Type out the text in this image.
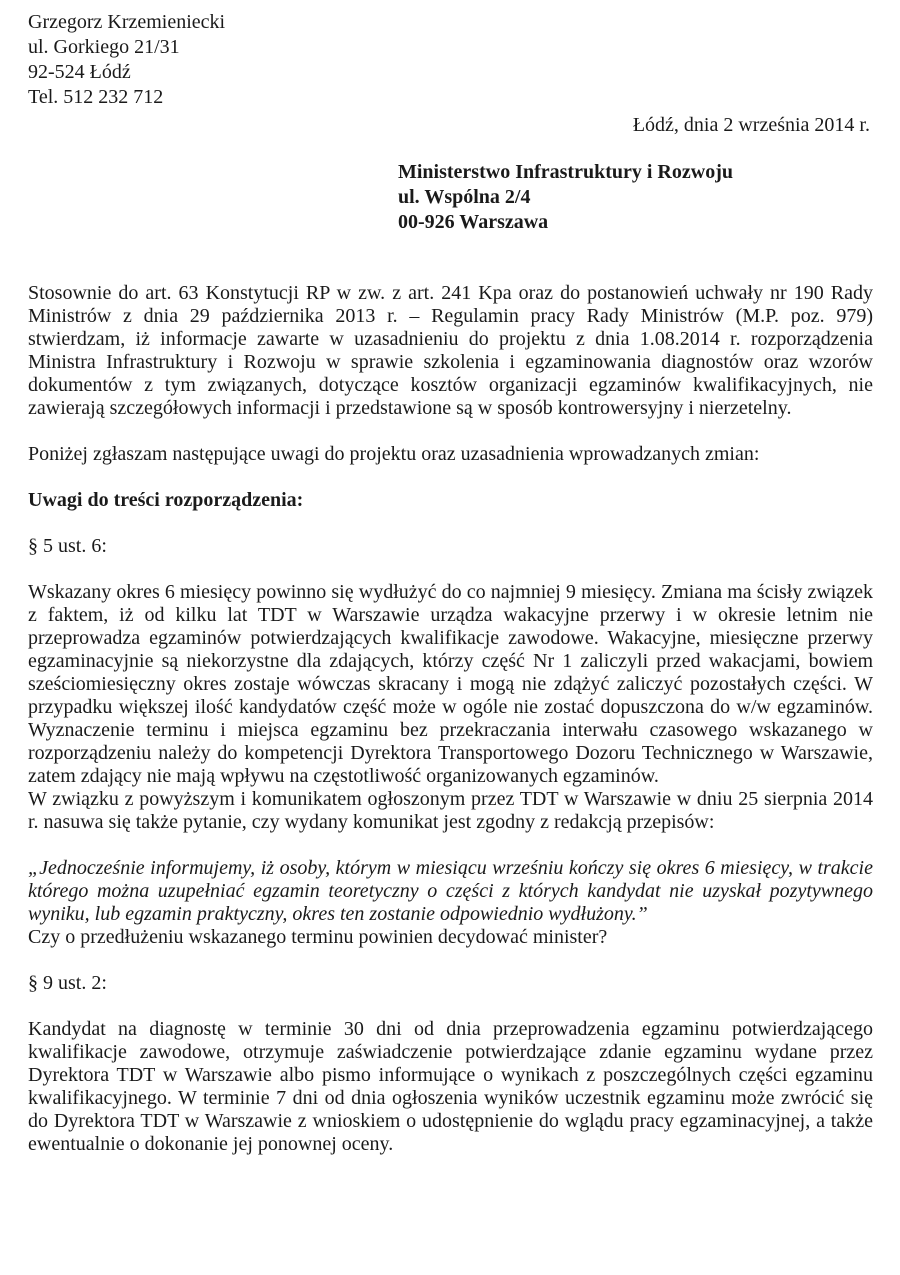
Grzegorz Krzemieniecki
ul. Gorkiego 21/31
92-524 Łódź
Tel. 512 232 712
Łódź, dnia 2 września 2014 r.
Ministerstwo Infrastruktury i Rozwoju
ul. Wspólna 2/4
00-926 Warszawa

Stosownie do art. 63 Konstytucji RP w zw. z art. 241 Kpa oraz do postanowień uchwały nr 190 Rady Ministrów z dnia 29 października 2013 r. – Regulamin pracy Rady Ministrów (M.P. poz. 979) stwierdzam, iż informacje zawarte w uzasadnieniu do projektu z dnia 1.08.2014 r. rozporządzenia Ministra Infrastruktury i Rozwoju w sprawie szkolenia i egzaminowania diagnostów oraz wzorów dokumentów z tym związanych, dotyczące kosztów organizacji egzaminów kwalifikacyjnych, nie zawierają szczegółowych informacji i przedstawione są w sposób kontrowersyjny i nierzetelny.

Poniżej zgłaszam następujące uwagi do projektu oraz uzasadnienia wprowadzanych zmian:

Uwagi do treści rozporządzenia:

§ 5 ust. 6:

Wskazany okres 6 miesięcy powinno się wydłużyć do co najmniej 9 miesięcy. Zmiana ma ścisły związek z faktem, iż od kilku lat TDT w Warszawie urządza wakacyjne przerwy i w okresie letnim nie przeprowadza egzaminów potwierdzających kwalifikacje zawodowe. Wakacyjne, miesięczne przerwy egzaminacyjnie są niekorzystne dla zdających, którzy część Nr 1 zaliczyli przed wakacjami, bowiem sześciomiesięczny okres zostaje wówczas skracany i mogą nie zdążyć zaliczyć pozostałych części. W przypadku większej ilość kandydatów część może w ogóle nie zostać dopuszczona do w/w egzaminów. Wyznaczenie terminu i miejsca egzaminu bez przekraczania interwału czasowego wskazanego w rozporządzeniu należy do kompetencji Dyrektora Transportowego Dozoru Technicznego w Warszawie, zatem zdający nie mają wpływu na częstotliwość organizowanych egzaminów.

W związku z powyższym i komunikatem ogłoszonym przez TDT w Warszawie w dniu 25 sierpnia 2014 r. nasuwa się także pytanie, czy wydany komunikat jest zgodny z redakcją przepisów:

„Jednocześnie informujemy, iż osoby, którym w miesiącu wrześniu kończy się okres 6 miesięcy, w trakcie którego można uzupełniać egzamin teoretyczny o części z których kandydat nie uzyskał pozytywnego wyniku, lub egzamin praktyczny, okres ten zostanie odpowiednio wydłużony.”

Czy o przedłużeniu wskazanego terminu powinien decydować minister?

§ 9 ust. 2:

Kandydat na diagnostę w terminie 30 dni od dnia przeprowadzenia egzaminu potwierdzającego kwalifikacje zawodowe, otrzymuje zaświadczenie potwierdzające zdanie egzaminu wydane przez Dyrektora TDT w Warszawie albo pismo informujące o wynikach z poszczególnych części egzaminu kwalifikacyjnego. W terminie 7 dni od dnia ogłoszenia wyników uczestnik egzaminu może zwrócić się do Dyrektora TDT w Warszawie z wnioskiem o udostępnienie do wglądu pracy egzaminacyjnej, a także ewentualnie o dokonanie jej ponownej oceny.
